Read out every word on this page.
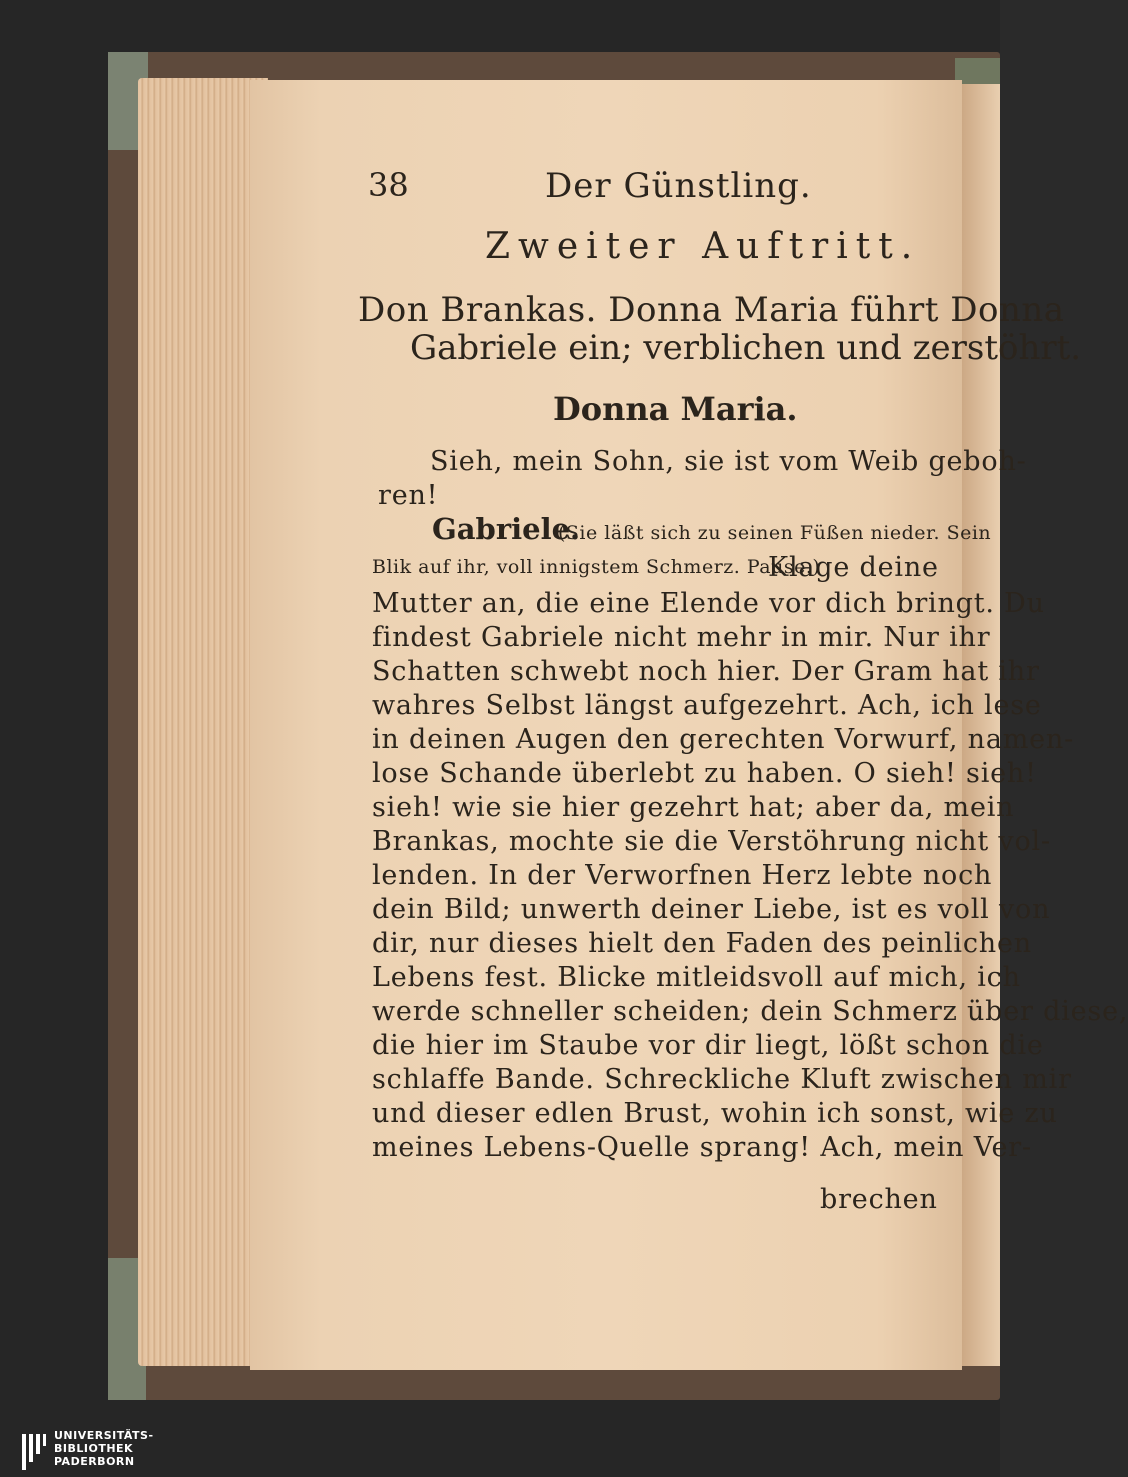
38	Der Günstling.
Zweiter Auftritt.
Don Brankas. Donna Maria führt Donna
Gabriele ein; verblichen und zerstöhrt.
Donna Maria.
Sieh, mein Sohn, sie ist vom Weib geboh-
ren!
Gabriele.
(Sie läßt sich zu seinen Füßen nieder. Sein
Blik auf ihr, voll innigstem Schmerz. Pause.)
Klage deine
Mutter an, die eine Elende vor dich bringt. Du
findest Gabriele nicht mehr in mir. Nur ihr
Schatten schwebt noch hier. Der Gram hat ihr
wahres Selbst längst aufgezehrt. Ach, ich lese
in deinen Augen den gerechten Vorwurf, namen-
lose Schande überlebt zu haben. O sieh! sieh!
sieh! wie sie hier gezehrt hat; aber da, mein
Brankas, mochte sie die Verstöhrung nicht vol-
lenden. In der Verworfnen Herz lebte noch
dein Bild; unwerth deiner Liebe, ist es voll von
dir, nur dieses hielt den Faden des peinlichen
Lebens fest. Blicke mitleidsvoll auf mich, ich
werde schneller scheiden; dein Schmerz über diese,
die hier im Staube vor dir liegt, lößt schon die
schlaffe Bande. Schreckliche Kluft zwischen mir
und dieser edlen Brust, wohin ich sonst, wie zu
meines Lebens-Quelle sprang! Ach, mein Ver-
brechen
UNIVERSITÄTS-
BIBLIOTHEK
PADERBORN
